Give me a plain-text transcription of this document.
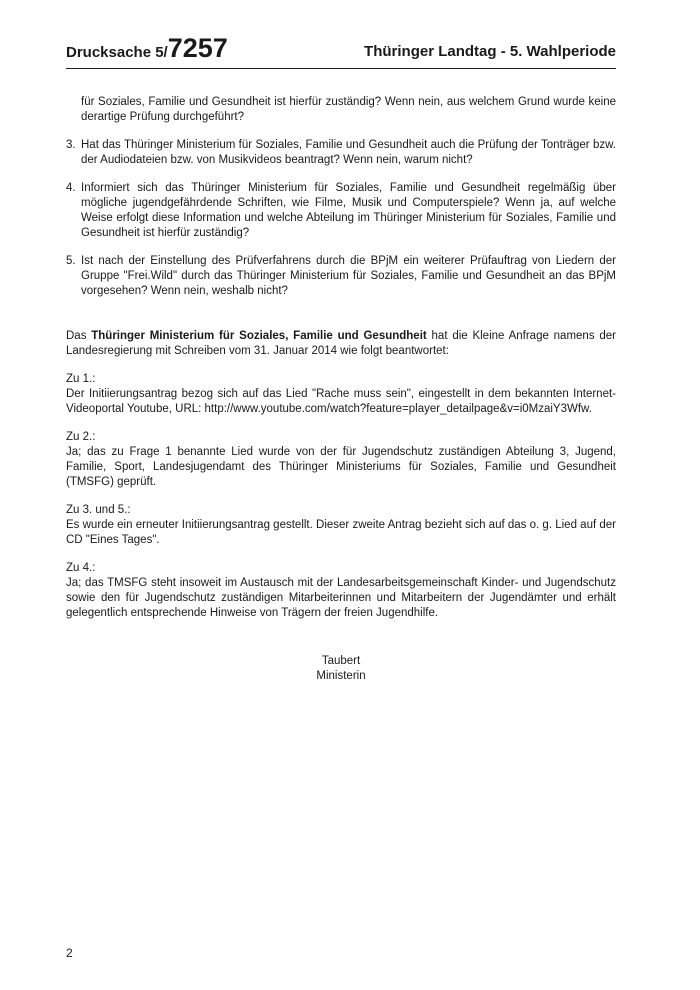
Drucksache 5/7257	Thüringer Landtag - 5. Wahlperiode

für Soziales, Familie und Gesundheit ist hierfür zuständig? Wenn nein, aus welchem Grund wurde keine derartige Prüfung durchgeführt?

3. Hat das Thüringer Ministerium für Soziales, Familie und Gesundheit auch die Prüfung der Tonträger bzw. der Audiodateien bzw. von Musikvideos beantragt? Wenn nein, warum nicht?

4. Informiert sich das Thüringer Ministerium für Soziales, Familie und Gesundheit regelmäßig über mögliche jugendgefährdende Schriften, wie Filme, Musik und Computerspiele? Wenn ja, auf welche Weise erfolgt diese Information und welche Abteilung im Thüringer Ministerium für Soziales, Familie und Gesundheit ist hierfür zuständig?

5. Ist nach der Einstellung des Prüfverfahrens durch die BPjM ein weiterer Prüfauftrag von Liedern der Gruppe "Frei.Wild" durch das Thüringer Ministerium für Soziales, Familie und Gesundheit an das BPjM vorgesehen? Wenn nein, weshalb nicht?

Das Thüringer Ministerium für Soziales, Familie und Gesundheit hat die Kleine Anfrage namens der Landesregierung mit Schreiben vom 31. Januar 2014 wie folgt beantwortet:

Zu 1.:

Der Initiierungsantrag bezog sich auf das Lied "Rache muss sein", eingestellt in dem bekannten Internet-Videoportal Youtube, URL: http://www.youtube.com/watch?feature=player_detailpage&v=i0MzaiY3Wfw.

Zu 2.:

Ja; das zu Frage 1 benannte Lied wurde von der für Jugendschutz zuständigen Abteilung 3, Jugend, Familie, Sport, Landesjugendamt des Thüringer Ministeriums für Soziales, Familie und Gesundheit (TMSFG) geprüft.

Zu 3. und 5.:

Es wurde ein erneuter Initiierungsantrag gestellt. Dieser zweite Antrag bezieht sich auf das o. g. Lied auf der CD "Eines Tages".

Zu 4.:

Ja; das TMSFG steht insoweit im Austausch mit der Landesarbeitsgemeinschaft Kinder- und Jugendschutz sowie den für Jugendschutz zuständigen Mitarbeiterinnen und Mitarbeitern der Jugendämter und erhält gelegentlich entsprechende Hinweise von Trägern der freien Jugendhilfe.

Taubert

Ministerin

2
